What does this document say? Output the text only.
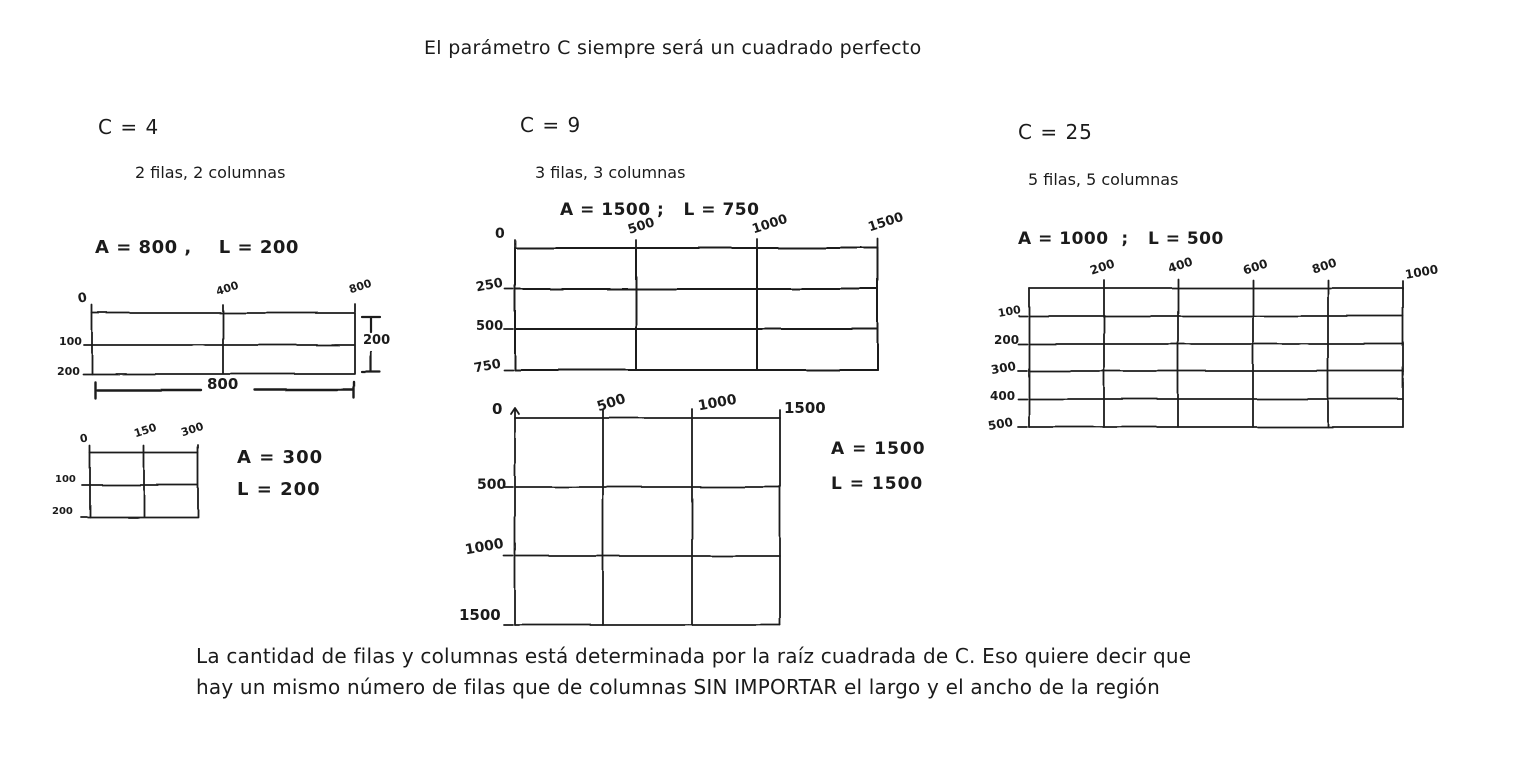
El parámetro C siempre será un cuadrado perfecto
C = 4
2 filas, 2 columnas
A = 800 ,    L = 200
0
400	800
100
200
200
800
0	150 300
100
200
A = 300
L = 200
C = 9
3 filas, 3 columnas
A = 1500 ;   L = 750
0	500	1000	1500
250
500
750
0	500	1000	1500
500
1000
1500
A = 1500
L = 1500
C = 25
5 filas, 5 columnas
A = 1000  ;   L = 500
200	400	600	800	1000
100
200
300
400
500
La cantidad de filas y columnas está determinada por la raíz cuadrada de C. Eso quiere decir que
hay un mismo número de filas que de columnas SIN IMPORTAR el largo y el ancho de la región
